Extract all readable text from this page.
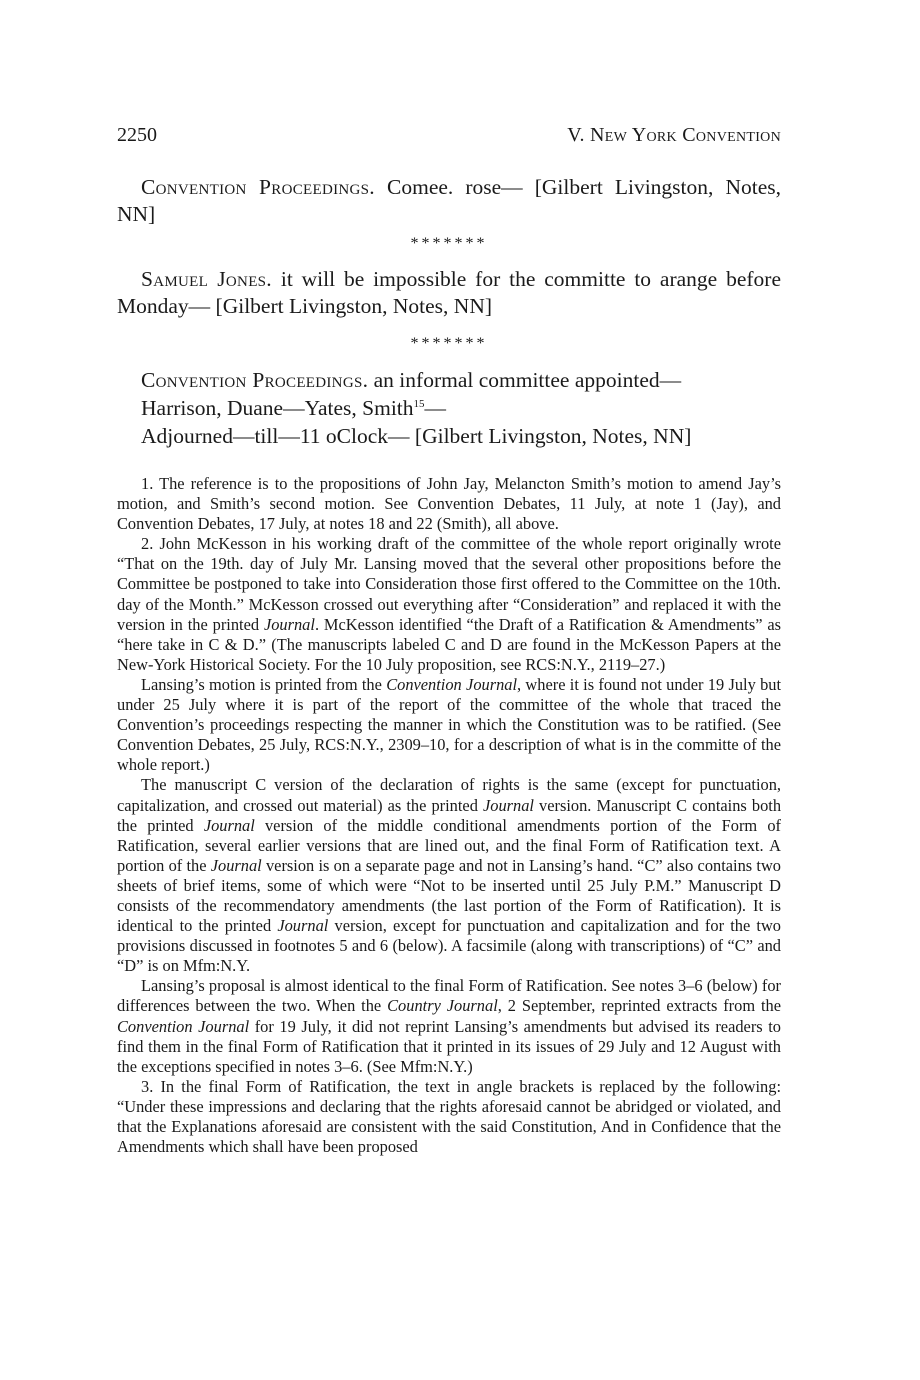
2250	V. New York Convention

Convention Proceedings. Comee. rose— [Gilbert Livingston, Notes, NN]

*******

Samuel Jones. it will be impossible for the committe to arange before Monday— [Gilbert Livingston, Notes, NN]

*******
Convention Proceedings. an informal committee appointed—
Harrison, Duane—Yates, Smith$^{15}$—
Adjourned—till—11 oClock— [Gilbert Livingston, Notes, NN]

1. The reference is to the propositions of John Jay, Melancton Smith’s motion to amend Jay’s motion, and Smith’s second motion. See Convention Debates, 11 July, at note 1 (Jay), and Convention Debates, 17 July, at notes 18 and 22 (Smith), all above.

2. John McKesson in his working draft of the committee of the whole report originally wrote “That on the 19th. day of July Mr. Lansing moved that the several other propositions before the Committee be postponed to take into Consideration those first offered to the Committee on the 10th. day of the Month.” McKesson crossed out everything after “Consideration” and replaced it with the version in the printed Journal. McKesson identified “the Draft of a Ratification & Amendments” as “here take in C & D.” (The manuscripts labeled C and D are found in the McKesson Papers at the New-York Historical Society. For the 10 July proposition, see RCS:N.Y., 2119–27.)

Lansing’s motion is printed from the Convention Journal, where it is found not under 19 July but under 25 July where it is part of the report of the committee of the whole that traced the Convention’s proceedings respecting the manner in which the Constitution was to be ratified. (See Convention Debates, 25 July, RCS:N.Y., 2309–10, for a description of what is in the committe of the whole report.)

The manuscript C version of the declaration of rights is the same (except for punctuation, capitalization, and crossed out material) as the printed Journal version. Manuscript C contains both the printed Journal version of the middle conditional amendments portion of the Form of Ratification, several earlier versions that are lined out, and the final Form of Ratification text. A portion of the Journal version is on a separate page and not in Lansing’s hand. “C” also contains two sheets of brief items, some of which were “Not to be inserted until 25 July P.M.” Manuscript D consists of the recommendatory amendments (the last portion of the Form of Ratification). It is identical to the printed Journal version, except for punctuation and capitalization and for the two provisions discussed in footnotes 5 and 6 (below). A facsimile (along with transcriptions) of “C” and “D” is on Mfm:N.Y.

Lansing’s proposal is almost identical to the final Form of Ratification. See notes 3–6 (below) for differences between the two. When the Country Journal, 2 September, reprinted extracts from the Convention Journal for 19 July, it did not reprint Lansing’s amendments but advised its readers to find them in the final Form of Ratification that it printed in its issues of 29 July and 12 August with the exceptions specified in notes 3–6. (See Mfm:N.Y.)

3. In the final Form of Ratification, the text in angle brackets is replaced by the following: “Under these impressions and declaring that the rights aforesaid cannot be abridged or violated, and that the Explanations aforesaid are consistent with the said Constitution, And in Confidence that the Amendments which shall have been proposed
